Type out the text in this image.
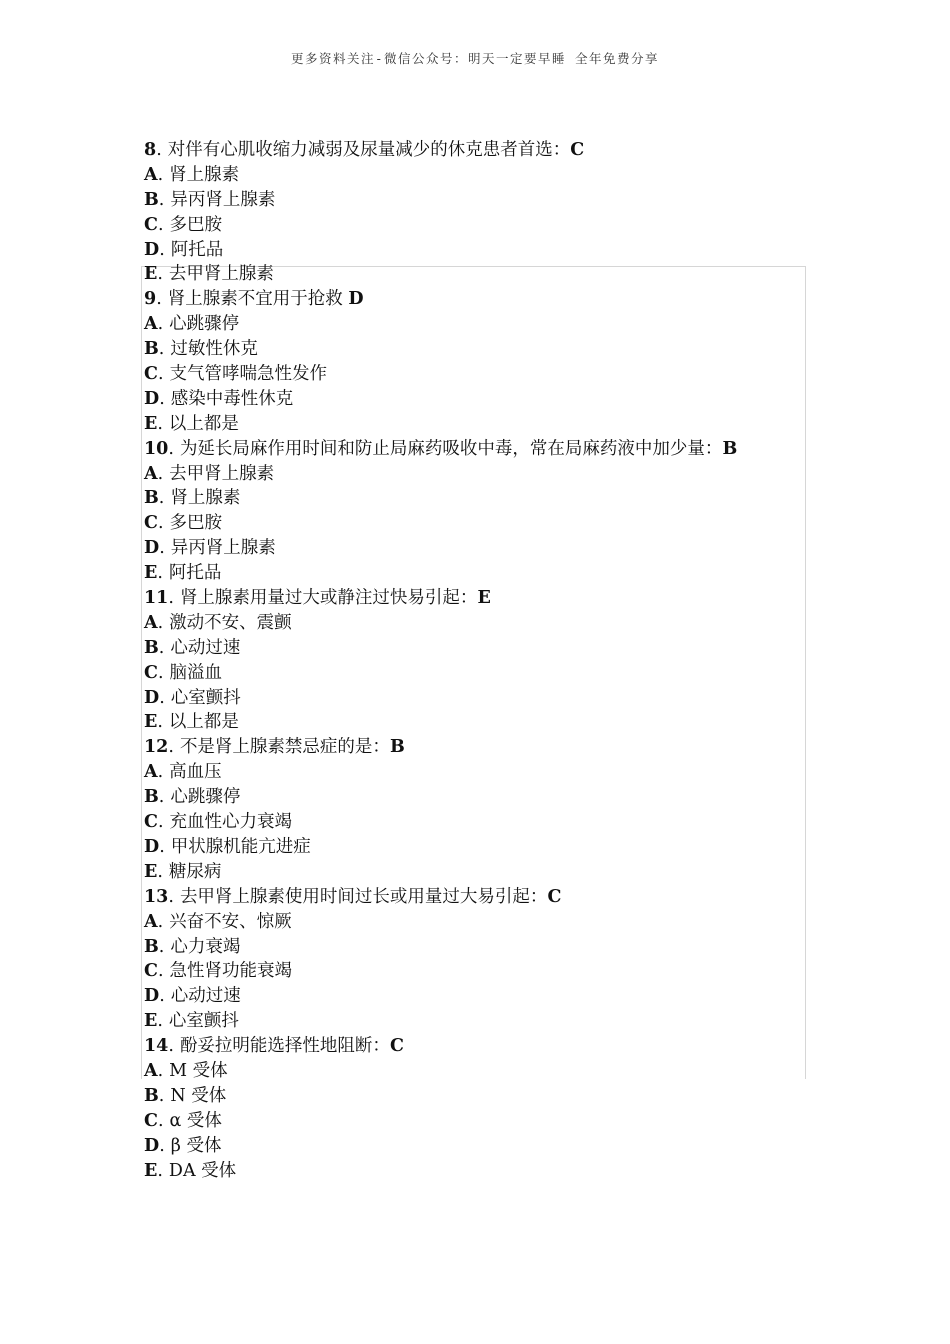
更多资料关注-微信公众号：明天一定要早睡 全年免费分享
8. 对伴有心肌收缩力减弱及尿量减少的休克患者首选：C
A. 肾上腺素
B. 异丙肾上腺素
C. 多巴胺
D. 阿托品
E. 去甲肾上腺素
9. 肾上腺素不宜用于抢救 D
A. 心跳骤停
B. 过敏性休克
C. 支气管哮喘急性发作
D. 感染中毒性休克
E. 以上都是
10. 为延长局麻作用时间和防止局麻药吸收中毒，常在局麻药液中加少量：B
A. 去甲肾上腺素
B. 肾上腺素
C. 多巴胺
D. 异丙肾上腺素
E. 阿托品
11. 肾上腺素用量过大或静注过快易引起：E
A. 激动不安、震颤
B. 心动过速
C. 脑溢血
D. 心室颤抖
E. 以上都是
12. 不是肾上腺素禁忌症的是：B
A. 高血压
B. 心跳骤停
C. 充血性心力衰竭
D. 甲状腺机能亢进症
E. 糖尿病
13. 去甲肾上腺素使用时间过长或用量过大易引起：C
A. 兴奋不安、惊厥
B. 心力衰竭
C. 急性肾功能衰竭
D. 心动过速
E. 心室颤抖
14. 酚妥拉明能选择性地阻断：C
A. M 受体
B. N 受体
C. α 受体
D. β 受体
E. DA 受体
